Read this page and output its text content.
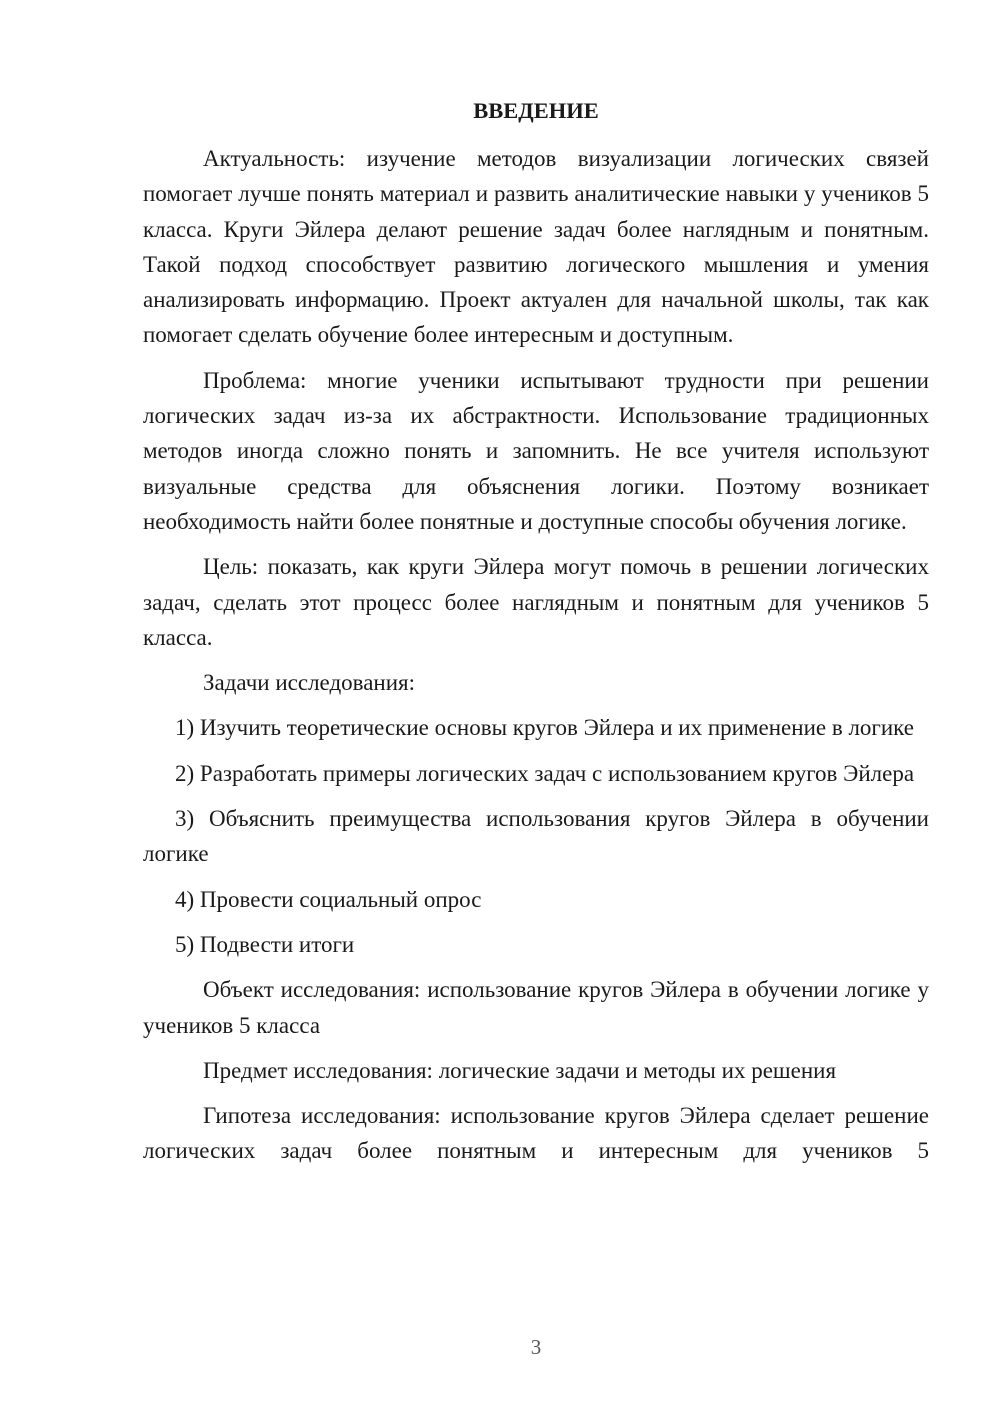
ВВЕДЕНИЕ

Актуальность: изучение методов визуализации логических связей помогает лучше понять материал и развить аналитические навыки у учеников 5 класса. Круги Эйлера делают решение задач более наглядным и понятным. Такой подход способствует развитию логического мышления и умения анализировать информацию. Проект актуален для начальной школы, так как помогает сделать обучение более интересным и доступным.

Проблема: многие ученики испытывают трудности при решении логических задач из-за их абстрактности. Использование традиционных методов иногда сложно понять и запомнить. Не все учителя используют визуальные средства для объяснения логики. Поэтому возникает необходимость найти более понятные и доступные способы обучения логике.

Цель: показать, как круги Эйлера могут помочь в решении логических задач, сделать этот процесс более наглядным и понятным для учеников 5 класса.

Задачи исследования:

1) Изучить теоретические основы кругов Эйлера и их применение в логике

2) Разработать примеры логических задач с использованием кругов Эйлера

3) Объяснить преимущества использования кругов Эйлера в обучении логике

4) Провести социальный опрос

5) Подвести итоги

Объект исследования: использование кругов Эйлера в обучении логике у учеников 5 класса

Предмет исследования: логические задачи и методы их решения

Гипотеза исследования: использование кругов Эйлера сделает решение логических задач более понятным и интересным для учеников 5

3
